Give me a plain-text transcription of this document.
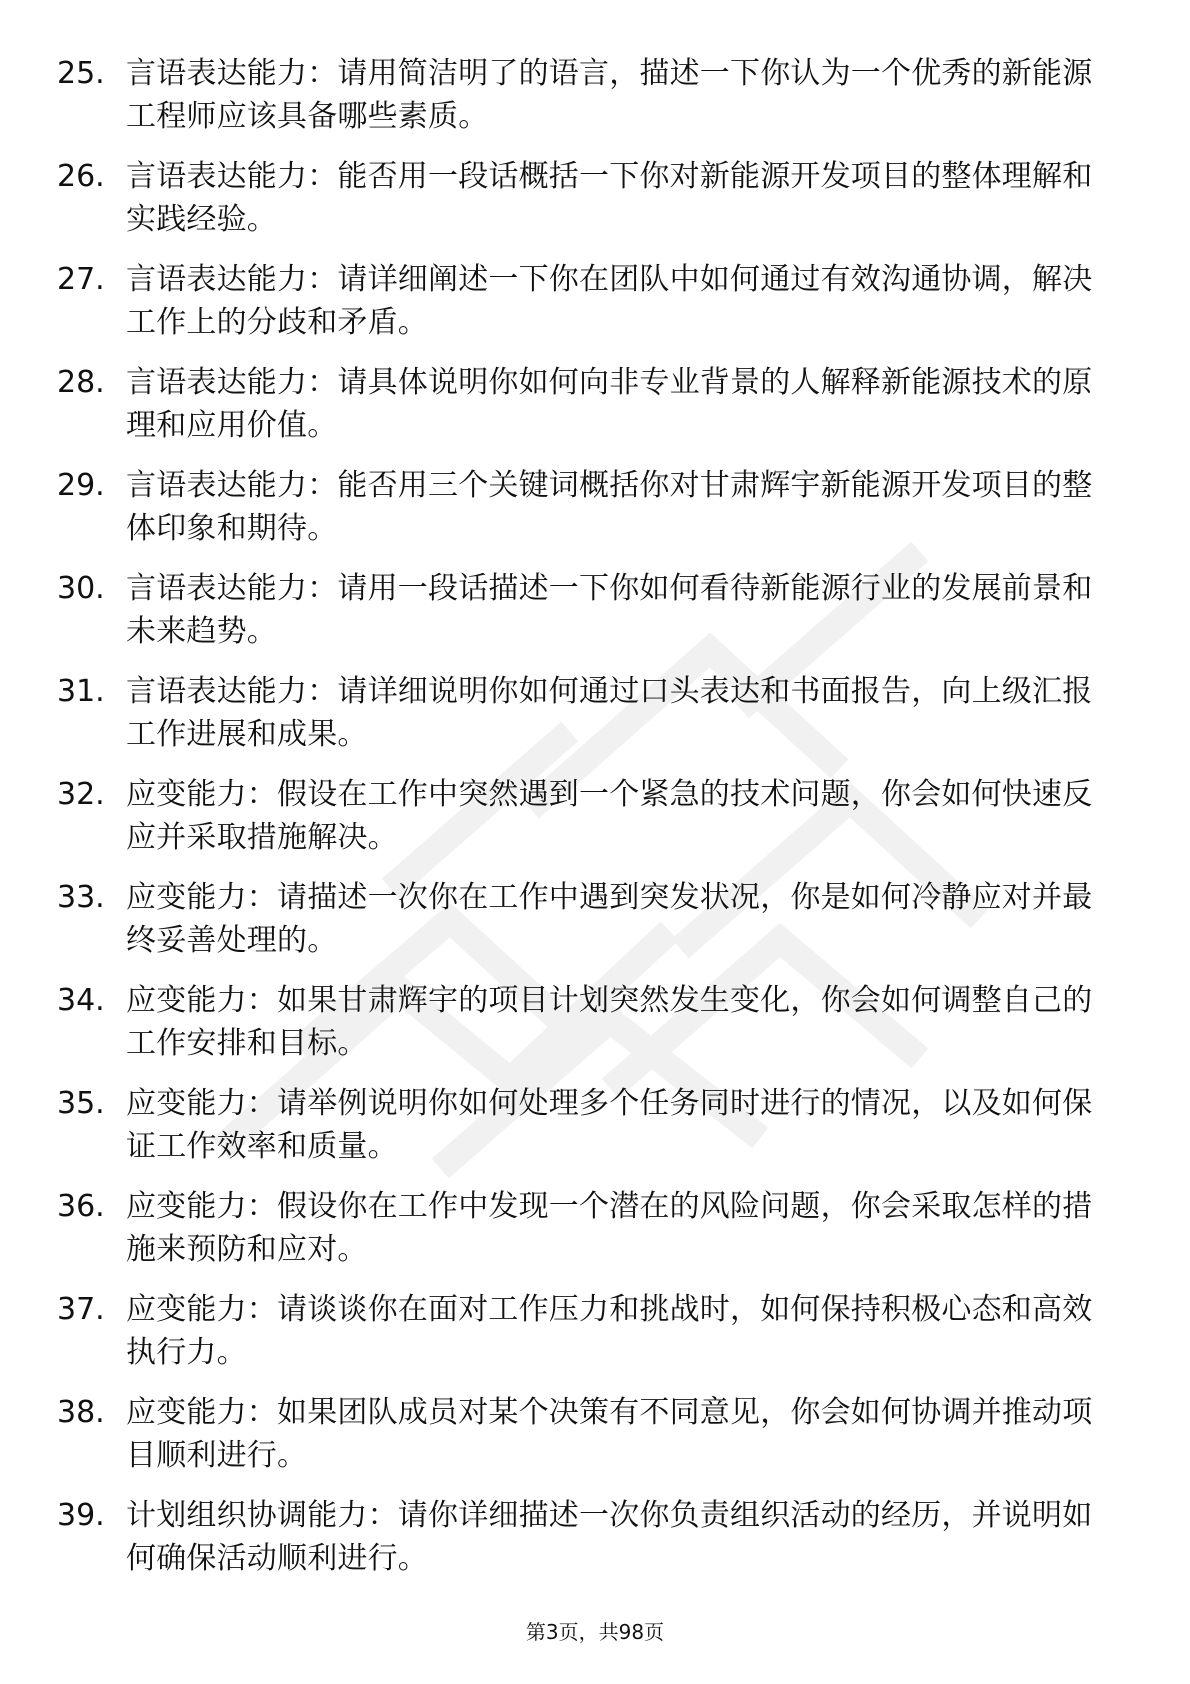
25. 言语表达能力：请用简洁明了的语言，描述一下你认为一个优秀的新能源工程师应该具备哪些素质。
26. 言语表达能力：能否用一段话概括一下你对新能源开发项目的整体理解和实践经验。
27. 言语表达能力：请详细阐述一下你在团队中如何通过有效沟通协调，解决工作上的分歧和矛盾。
28. 言语表达能力：请具体说明你如何向非专业背景的人解释新能源技术的原理和应用价值。
29. 言语表达能力：能否用三个关键词概括你对甘肃辉宇新能源开发项目的整体印象和期待。
30. 言语表达能力：请用一段话描述一下你如何看待新能源行业的发展前景和未来趋势。
31. 言语表达能力：请详细说明你如何通过口头表达和书面报告，向上级汇报工作进展和成果。
32. 应变能力：假设在工作中突然遇到一个紧急的技术问题，你会如何快速反应并采取措施解决。
33. 应变能力：请描述一次你在工作中遇到突发状况，你是如何冷静应对并最终妥善处理的。
34. 应变能力：如果甘肃辉宇的项目计划突然发生变化，你会如何调整自己的工作安排和目标。
35. 应变能力：请举例说明你如何处理多个任务同时进行的情况，以及如何保证工作效率和质量。
36. 应变能力：假设你在工作中发现一个潜在的风险问题，你会采取怎样的措施来预防和应对。
37. 应变能力：请谈谈你在面对工作压力和挑战时，如何保持积极心态和高效执行力。
38. 应变能力：如果团队成员对某个决策有不同意见，你会如何协调并推动项目顺利进行。
39. 计划组织协调能力：请你详细描述一次你负责组织活动的经历，并说明如何确保活动顺利进行。
第3页，共98页
